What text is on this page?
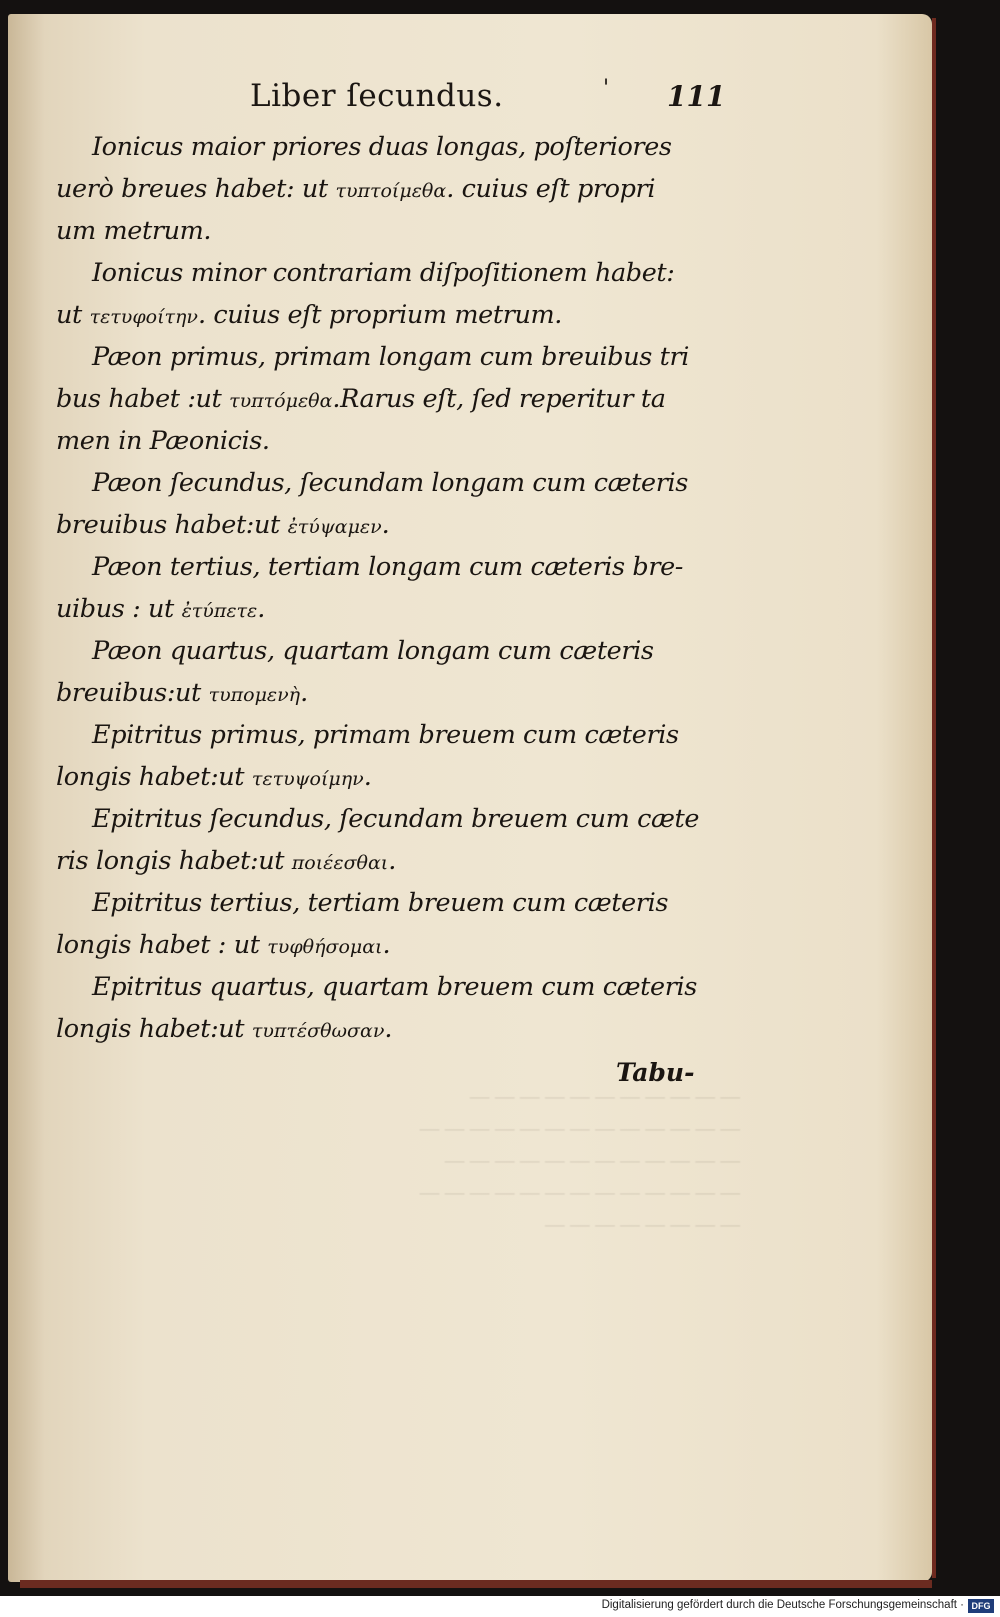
— — — — — — — — — — —
— — — — — — — — — — — — —
— — — — — — — — — — — —
— — — — — — — — — — — — —
— — — — — — — —
Liber ſecundus.	' 111
Ionicus maior priores duas longas, poſteriores
uerò breues habet: ut τυπτοίμεθα. cuius eſt propri
um metrum.
Ionicus minor contrariam diſpoſitionem habet:
ut τετυφοίτην. cuius eſt proprium metrum.
Pæon primus, primam longam cum breuibus tri
bus habet :ut τυπτόμεθα.Rarus eſt, ſed reperitur ta
men in Pæonicis.
Pæon ſecundus, ſecundam longam cum cæteris
breuibus habet:ut ἐτύψαμεν.
Pæon tertius, tertiam longam cum cæteris bre-
uibus : ut ἐτύπετε.
Pæon quartus, quartam longam cum cæteris
breuibus:ut τυπομενὴ.
Epitritus primus, primam breuem cum cæteris
longis habet:ut τετυψοίμην.
Epitritus ſecundus, ſecundam breuem cum cæte
ris longis habet:ut ποιέεσθαι.
Epitritus tertius, tertiam breuem cum cæteris
longis habet : ut τυφθήσομαι.
Epitritus quartus, quartam breuem cum cæteris
longis habet:ut τυπτέσθωσαν.
Tabu-
Digitalisierung gefördert durch die Deutsche Forschungsgemeinschaft · DFG
